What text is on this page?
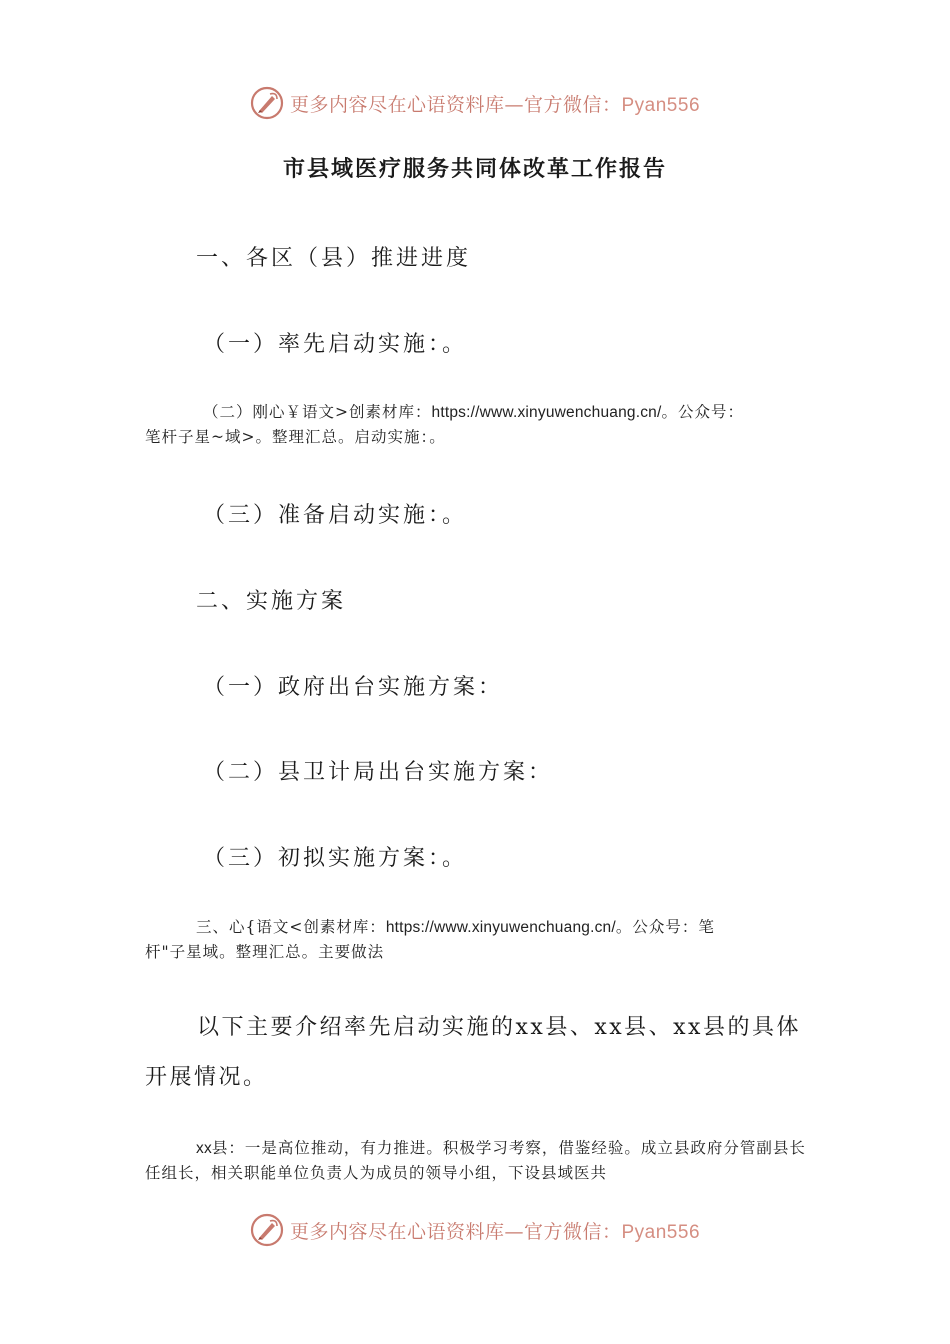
更多内容尽在心语资料库—官方微信：Pyan556
市县域医疗服务共同体改革工作报告
一、各区（县）推进进度
（一）率先启动实施：。
（二）刚心￥语文>创素材库：https://www.xinyuwenchuang.cn/。公众号：
笔杆子星~域>。整理汇总。启动实施：。
（三）准备启动实施：。
二、实施方案
（一）政府出台实施方案：
（二）县卫计局出台实施方案：
（三）初拟实施方案：。
三、心{语文<创素材库：https://www.xinyuwenchuang.cn/。公众号：笔
杆"子星域。整理汇总。主要做法
以下主要介绍率先启动实施的xx县、xx县、xx县的具体开展情况。
xx县：一是高位推动，有力推进。积极学习考察，借鉴经验。成立县政府分管副县长任组长，相关职能单位负责人为成员的领导小组，下设县域医共
更多内容尽在心语资料库—官方微信：Pyan556
